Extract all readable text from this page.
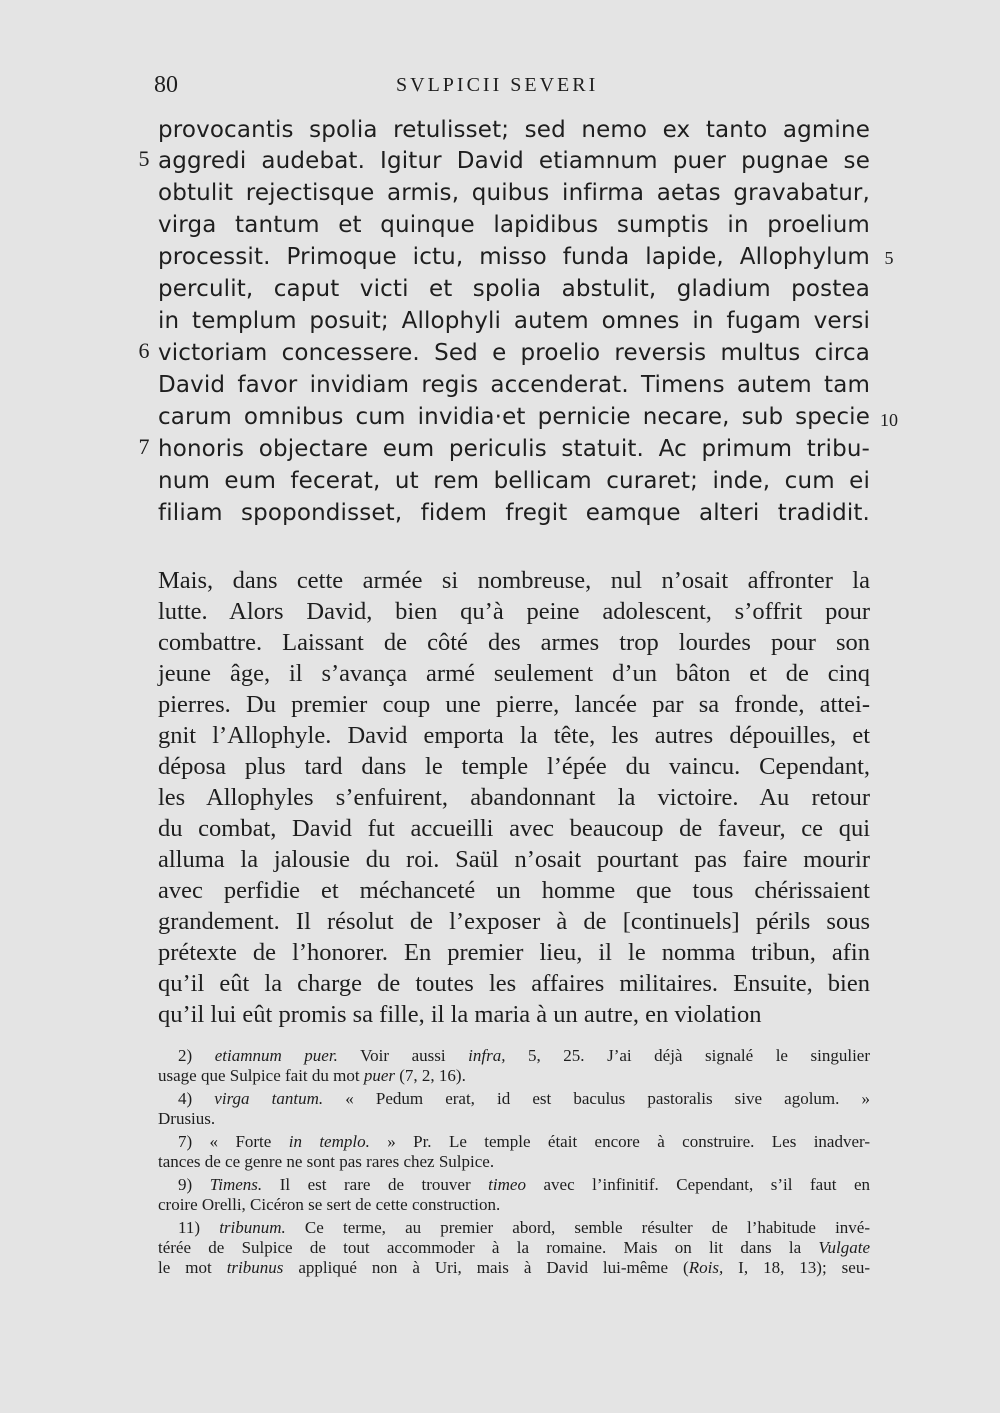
80	SVLPICII SEVERI
provocantis spolia retulisset; sed nemo ex tanto agmine
aggredi audebat. Igitur David etiamnum puer pugnae se
obtulit rejectisque armis, quibus infirma aetas gravabatur,
virga tantum et quinque lapidibus sumptis in proelium
processit. Primoque ictu, misso funda lapide, Allophylum
perculit, caput victi et spolia abstulit, gladium postea
in templum posuit; Allophyli autem omnes in fugam versi
victoriam concessere. Sed e proelio reversis multus circa
David favor invidiam regis accenderat. Timens autem tam
carum omnibus cum invidia·et pernicie necare, sub specie
honoris objectare eum periculis statuit. Ac primum tribu-
num eum fecerat, ut rem bellicam curaret; inde, cum ei
filiam spopondisset, fidem fregit eamque alteri tradidit.
5
6
7
5
10
Mais, dans cette armée si nombreuse, nul n’osait affronter la
lutte. Alors David, bien qu’à peine adolescent, s’offrit pour
combattre. Laissant de côté des armes trop lourdes pour son
jeune âge, il s’avança armé seulement d’un bâton et de cinq
pierres. Du premier coup une pierre, lancée par sa fronde, attei-
gnit l’Allophyle. David emporta la tête, les autres dépouilles, et
déposa plus tard dans le temple l’épée du vaincu. Cependant,
les Allophyles s’enfuirent, abandonnant la victoire. Au retour
du combat, David fut accueilli avec beaucoup de faveur, ce qui
alluma la jalousie du roi. Saül n’osait pourtant pas faire mourir
avec perfidie et méchanceté un homme que tous chérissaient
grandement. Il résolut de l’exposer à de [continuels] périls sous
prétexte de l’honorer. En premier lieu, il le nomma tribun, afin
qu’il eût la charge de toutes les affaires militaires. Ensuite, bien
qu’il lui eût promis sa fille, il la maria à un autre, en violation
2) etiamnum puer. Voir aussi infra, 5, 25. J’ai déjà signalé le singulier
usage que Sulpice fait du mot puer (7, 2, 16).
4) virga tantum. « Pedum erat, id est baculus pastoralis sive agolum. »
Drusius.
7) « Forte in templo. » Pr. Le temple était encore à construire. Les inadver-
tances de ce genre ne sont pas rares chez Sulpice.
9) Timens. Il est rare de trouver timeo avec l’infinitif. Cependant, s’il faut en
croire Orelli, Cicéron se sert de cette construction.
11) tribunum. Ce terme, au premier abord, semble résulter de l’habitude invé-
térée de Sulpice de tout accommoder à la romaine. Mais on lit dans la Vulgate
le mot tribunus appliqué non à Uri, mais à David lui-même (Rois, I, 18, 13); seu-
